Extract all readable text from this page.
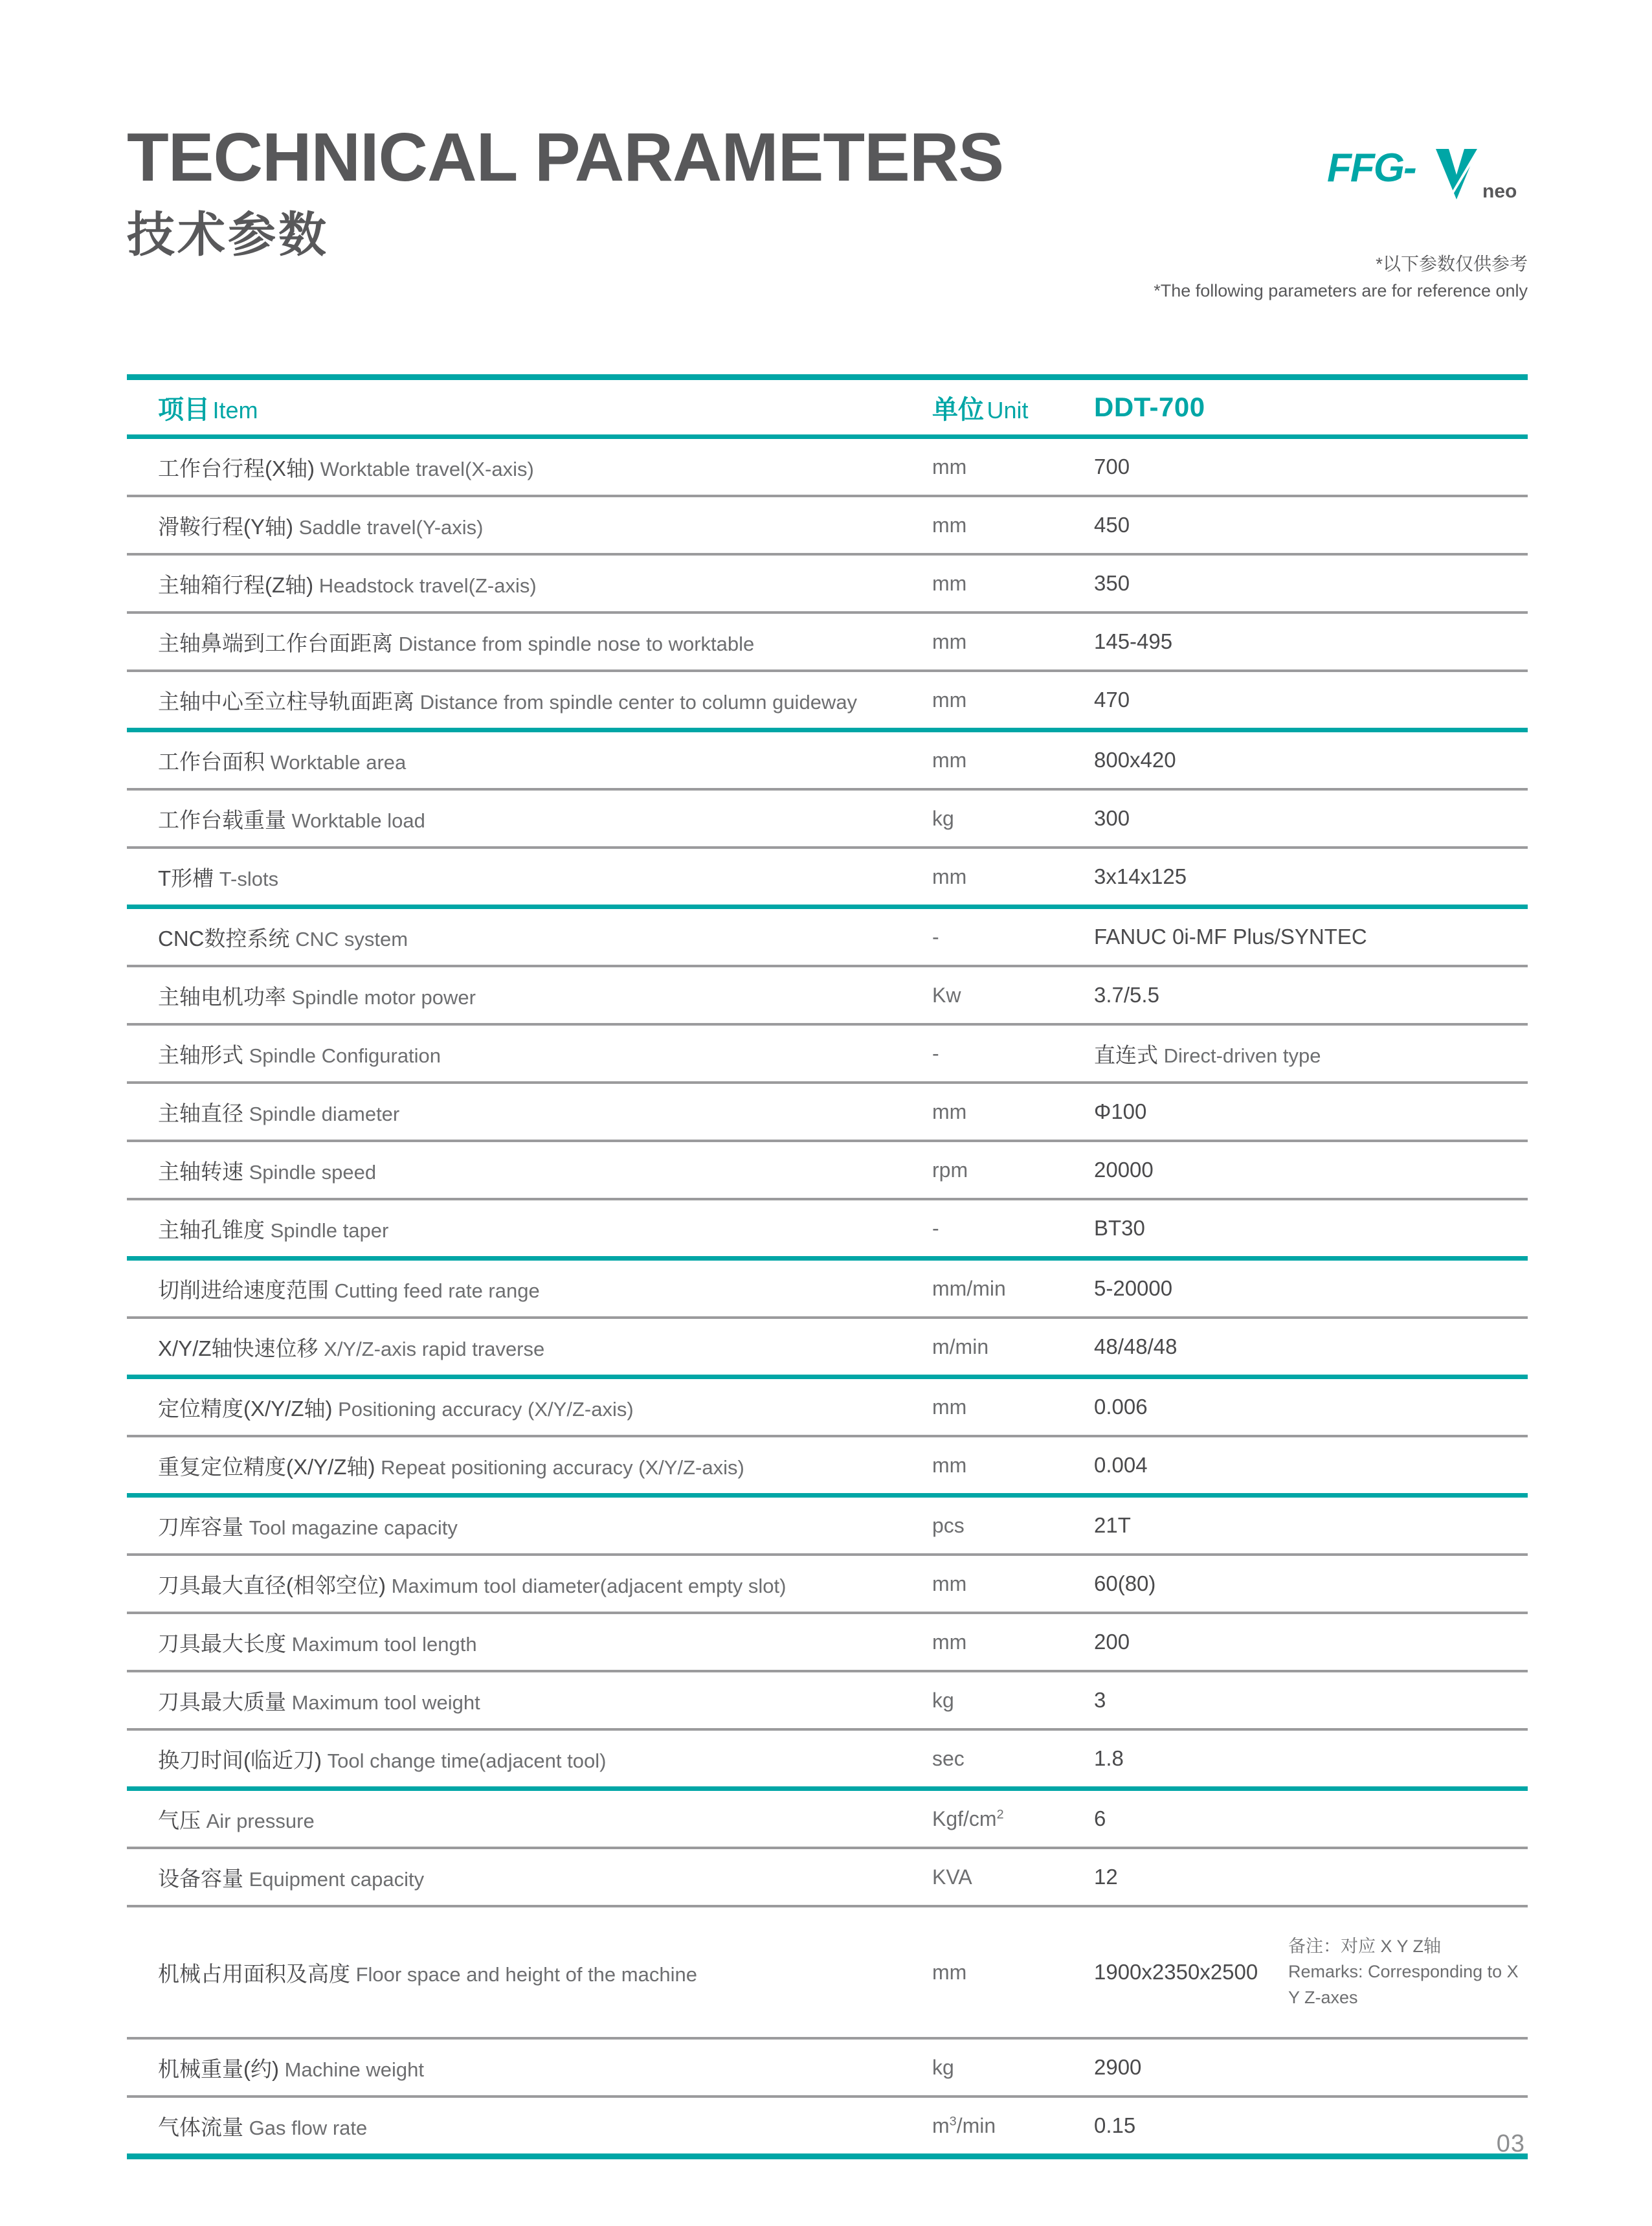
TECHNICAL PARAMETERS
技术参数
FFG-
neo
*以下参数仅供参考
*The following parameters are for reference only
项目 Item	单位 Unit	DDT-700
工作台行程(X轴) Worktable travel(X-axis)	mm	700
滑鞍行程(Y轴) Saddle travel(Y-axis)	mm	450
主轴箱行程(Z轴) Headstock travel(Z-axis)	mm	350
主轴鼻端到工作台面距离 Distance from spindle nose to worktable	mm	145-495
主轴中心至立柱导轨面距离 Distance from spindle center to column guideway	mm	470
工作台面积 Worktable area	mm	800x420
工作台载重量 Worktable load	kg	300
T形槽 T-slots	mm	3x14x125
CNC数控系统 CNC system	-	FANUC 0i-MF Plus/SYNTEC
主轴电机功率 Spindle motor power	Kw	3.7/5.5
主轴形式 Spindle Configuration	-	直连式 Direct-driven type
主轴直径 Spindle diameter	mm	Φ100
主轴转速 Spindle speed	rpm	20000
主轴孔锥度 Spindle taper	-	BT30
切削进给速度范围 Cutting feed rate range	mm/min	5-20000
X/Y/Z轴快速位移 X/Y/Z-axis rapid traverse	m/min	48/48/48
定位精度(X/Y/Z轴) Positioning accuracy (X/Y/Z-axis)	mm	0.006
重复定位精度(X/Y/Z轴) Repeat positioning accuracy (X/Y/Z-axis)	mm	0.004
刀库容量 Tool magazine capacity	pcs	21T
刀具最大直径(相邻空位) Maximum tool diameter(adjacent empty slot)	mm	60(80)
刀具最大长度 Maximum tool length	mm	200
刀具最大质量 Maximum tool weight	kg	3
换刀时间(临近刀) Tool change time(adjacent tool)	sec	1.8
气压 Air pressure	Kgf/$cm^2$	6
设备容量 Equipment capacity	KVA	12
机械占用面积及高度 Floor space and height of the machine	mm	1900x2350x2500
备注：对应 X Y Z轴
Remarks: Corresponding to X Y Z-axes
机械重量(约) Machine weight	kg	2900
气体流量 Gas flow rate	$m^3/\min$	0.15
03
